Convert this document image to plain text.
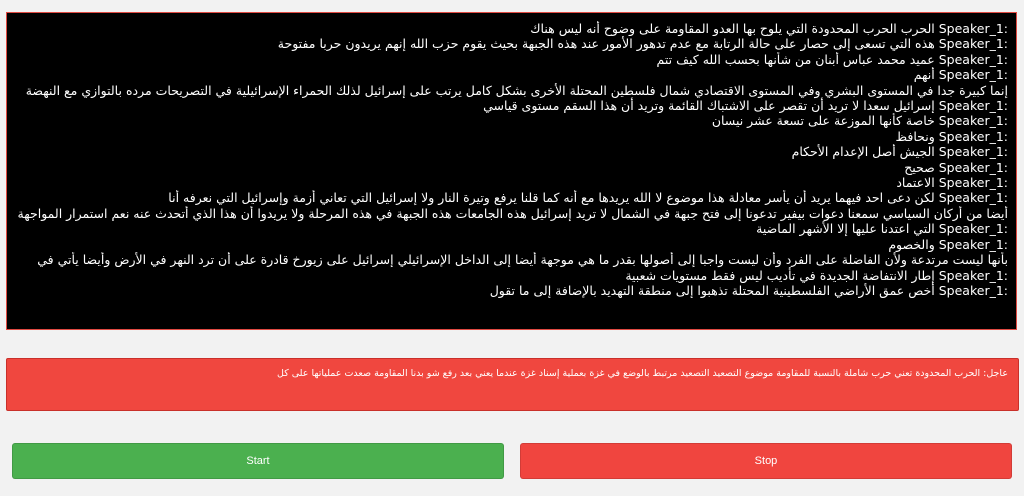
الحرب الحرب المحدودة التي يلوح بها العدو المقاومة على وضوح أنه ليس هناك Speaker_1:
هذه التي تسعى إلى حصار على حالة الرتابة مع عدم تدهور الأمور عند هذه الجبهة بحيث يقوم حزب الله إنهم يريدون حربا مفتوحة Speaker_1:
عميد محمد عباس أبنان من شأنها بحسب الله كيف تتم Speaker_1:
أنهم Speaker_1:
إنما كبيرة جدا في المستوى البشري وفي المستوى الاقتصادي شمال فلسطين المحتلة الأخرى بشكل كامل يرتب على إسرائيل لذلك الحمراء الإسرائيلية في التصريحات مرده بالتوازي مع النهضة إسرائيل سعدا لا تريد أن تقصر على الاشتباك القائمة وتريد أن هذا السقم مستوى قياسي Speaker_1:
خاصة كأنها الموزعة على تسعة عشر نيسان Speaker_1:
ونحافظ Speaker_1:
الجيش أصل الإعدام الأحكام Speaker_1:
صحيح Speaker_1:
الاعتماد Speaker_1:
لكن دعى احد فيهما يريد أن يأسر معادلة هذا موضوع لا الله يريدها مع أنه كما قلنا يرفع وتيرة النار ولا إسرائيل التي تعاني أزمة وإسرائيل التي نعرفه أنا Speaker_1:
أيضا من أركان السياسي سمعنا دعوات بيفير تدعونا إلى فتح جبهة في الشمال لا تريد إسرائيل هذه الجامعات هذه الجبهة في هذه المرحلة ولا يريدوا أن هذا الذي أتحدث عنه نعم استمرار المواجهة التي اعتدنا عليها إلا الأشهر الماضية Speaker_1:
والخصوم Speaker_1:
بأنها ليست مرتدعة ولأن الفاضلة على الفرد وأن ليست واجبا إلى أصولها بقدر ما هي موجهة أيضا إلى الداخل الإسرائيلي إسرائيل على زيورخ قادرة على أن ترد النهر في الأرض وأيضا يأتي في إطار الانتفاضة الجديدة في تأديب ليس فقط مستويات شعبية Speaker_1:
أخص عمق الأراضي الفلسطينية المحتلة تذهبوا إلى منطقة التهديد بالإضافة إلى ما تقول Speaker_1:
عاجل: الحرب المحدودة تعني حرب شاملة بالنسبة للمقاومة موضوع التصعيد التصعيد مرتبط بالوضع في غزة بعملية إسناد غزة عندما يعني بعد رفع شو بدنا المقاومة صعدت عملياتها على كل
Start	Stop
